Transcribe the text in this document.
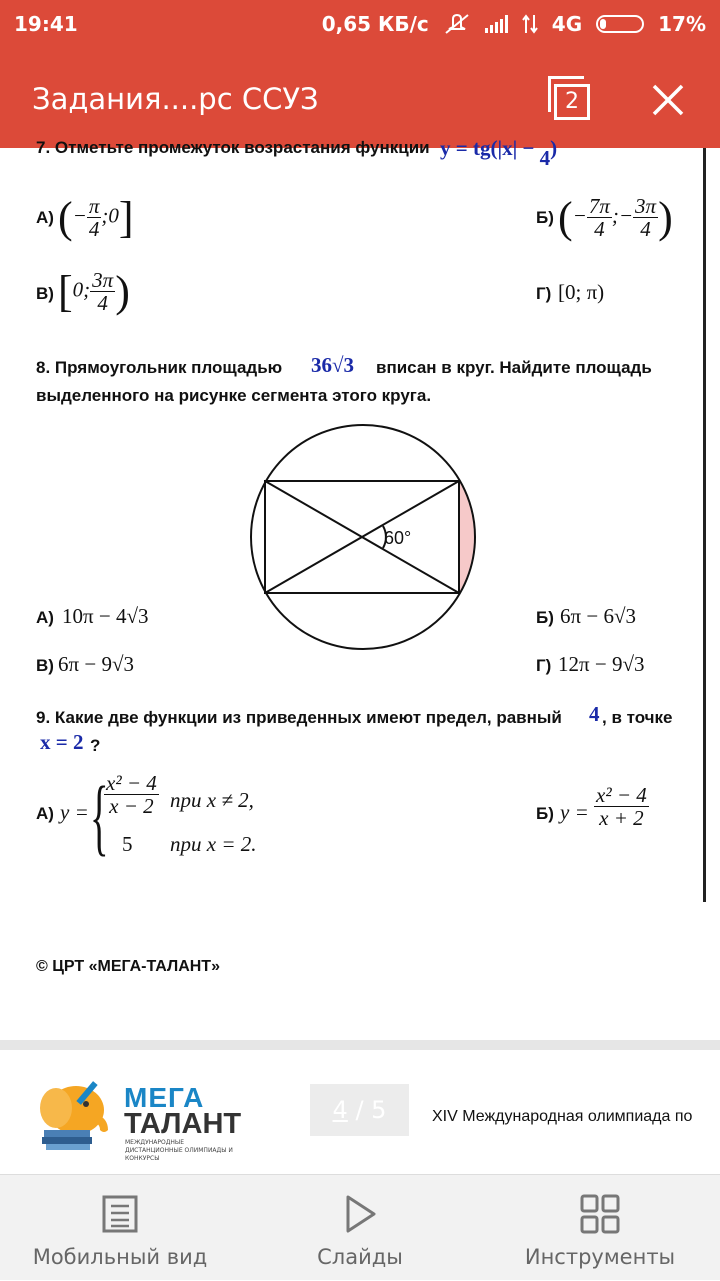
19:41	0,65 КБ/с	4G	17%
Задания....рс ССУЗ	2
7. Отметьте промежуток возрастания функции y = tg(|x| − 4)
А) (− $\frac{\pi}{4}$ ;0]	Б) (− $\frac{7\pi}{4}$ ;− $\frac{3\pi}{4}$ )
В) [0; $\frac{3\pi}{4}$ )	Г) [0; π)
8. Прямоугольник площадью 36√3 вписан в круг. Найдите площадь
выделенного на рисунке сегмента этого круга.
60°
А) 10π − 4√3	Б) 6π − 6√3
В) 6π − 9√3	Г) 12π − 9√3
9. Какие две функции из приведенных имеют предел, равный 4 , в точке
x = 2 ?
А) y = {
$\frac{\text{x² − 4}}{x - 2}$ при x ≠ 2,
5 при x = 2.
Б) $y = \frac{\text{x² − 4}}{x + 2}$
© ЦРТ «МЕГА-ТАЛАНТ»
МЕГА
ТАЛАНТ
МЕЖДУНАРОДНЫЕ ДИСТАНЦИОННЫЕ ОЛИМПИАДЫ И КОНКУРСЫ
4 / 5	XIV Международная олимпиада по
Мобильный вид	Слайды	Инструменты
